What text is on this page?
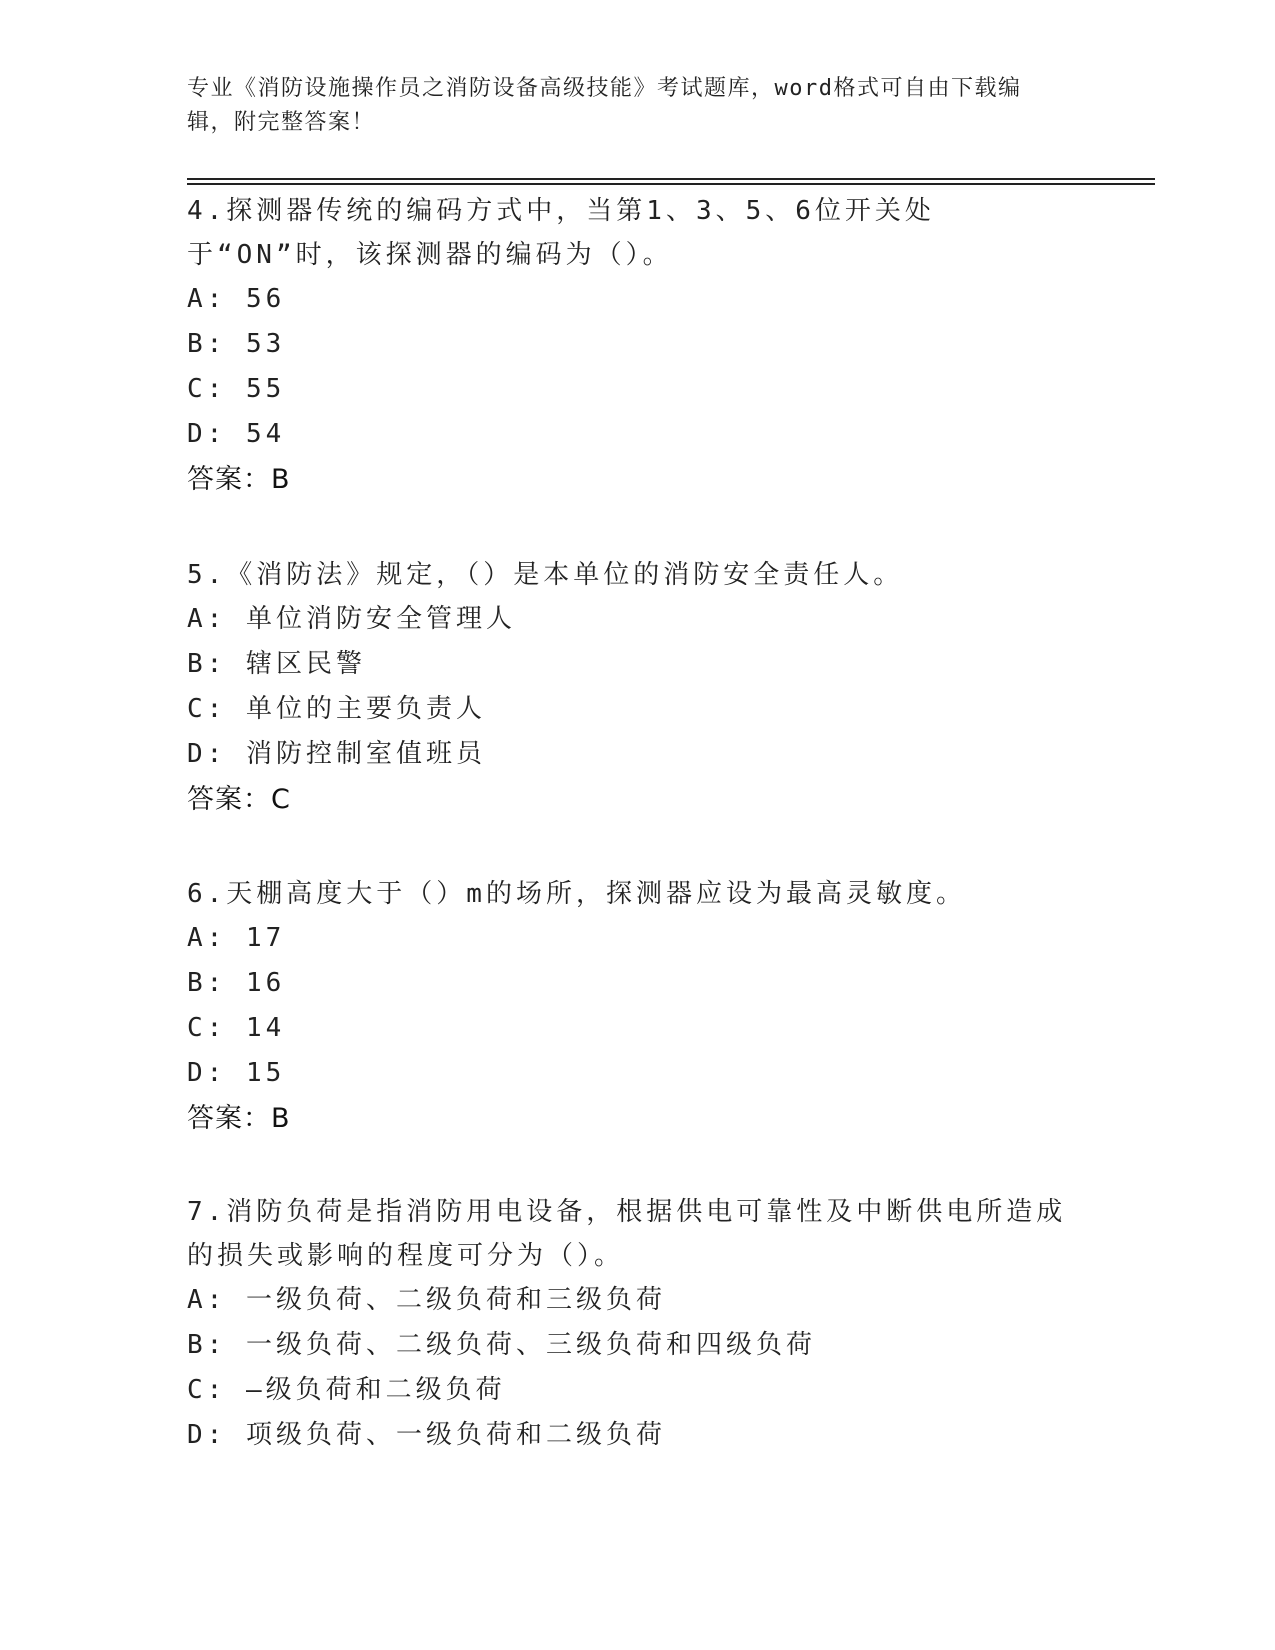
专业《消防设施操作员之消防设备高级技能》考试题库，word格式可自由下载编辑，附完整答案！

4.探测器传统的编码方式中，当第1、3、5、6位开关处于“ON”时，该探测器的编码为（）。

A: 56

B: 53

C: 55

D: 54

答案：B

5.《消防法》规定，（）是本单位的消防安全责任人。

A: 单位消防安全管理人

B: 辖区民警

C: 单位的主要负责人

D: 消防控制室值班员

答案：C

6.天棚高度大于（）m的场所，探测器应设为最高灵敏度。

A: 17

B: 16

C: 14

D: 15

答案：B

7.消防负荷是指消防用电设备，根据供电可靠性及中断供电所造成的损失或影响的程度可分为（）。

A: 一级负荷、二级负荷和三级负荷

B: 一级负荷、二级负荷、三级负荷和四级负荷

C: —级负荷和二级负荷

D: 项级负荷、一级负荷和二级负荷
